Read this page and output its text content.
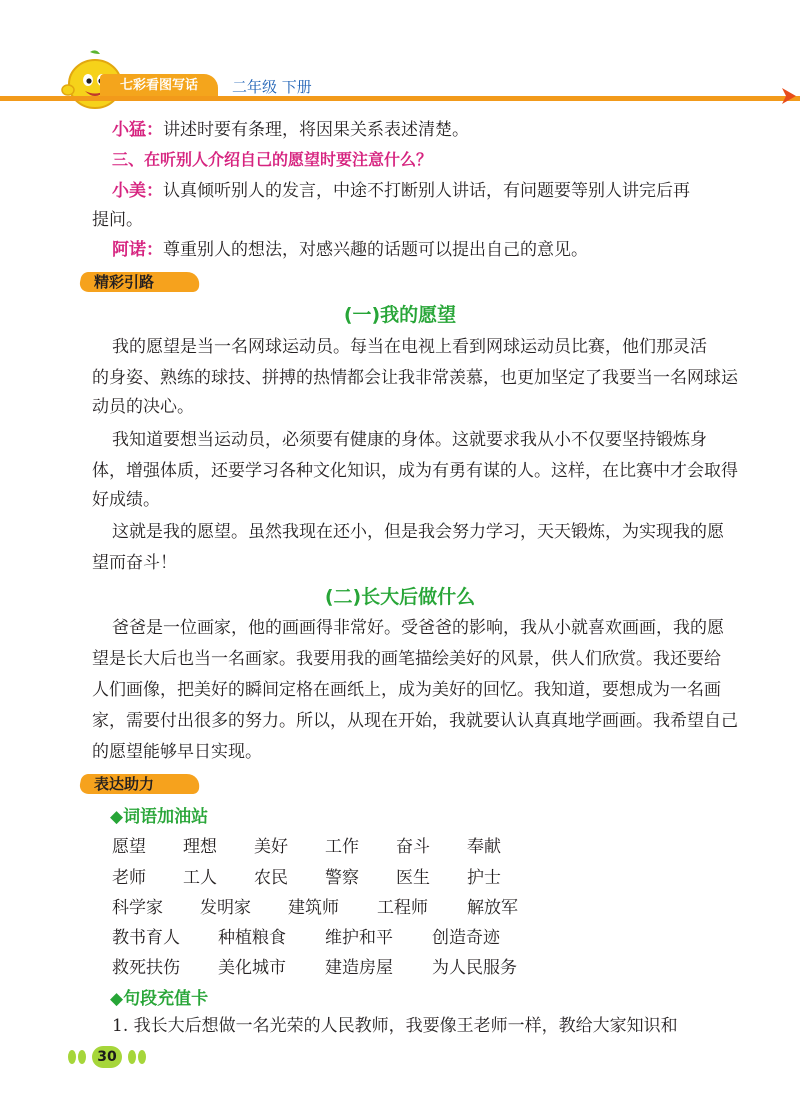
七彩看图写话	二年级 下册

小猛：讲述时要有条理，将因果关系表述清楚。

三、在听别人介绍自己的愿望时要注意什么？

小美：认真倾听别人的发言，中途不打断别人讲话，有问题要等别人讲完后再

提问。

阿诺：尊重别人的想法，对感兴趣的话题可以提出自己的意见。

精彩引路
(一)我的愿望

我的愿望是当一名网球运动员。每当在电视上看到网球运动员比赛，他们那灵活

的身姿、熟练的球技、拼搏的热情都会让我非常羡慕，也更加坚定了我要当一名网球运

动员的决心。

我知道要想当运动员，必须要有健康的身体。这就要求我从小不仅要坚持锻炼身

体，增强体质，还要学习各种文化知识，成为有勇有谋的人。这样，在比赛中才会取得

好成绩。

这就是我的愿望。虽然我现在还小，但是我会努力学习，天天锻炼，为实现我的愿

望而奋斗！

(二)长大后做什么

爸爸是一位画家，他的画画得非常好。受爸爸的影响，我从小就喜欢画画，我的愿

望是长大后也当一名画家。我要用我的画笔描绘美好的风景，供人们欣赏。我还要给

人们画像，把美好的瞬间定格在画纸上，成为美好的回忆。我知道，要想成为一名画

家，需要付出很多的努力。所以，从现在开始，我就要认认真真地学画画。我希望自己

的愿望能够早日实现。

表达助力
◆词语加油站
愿望 理想 美好 工作 奋斗 奉献
老师 工人 农民 警察 医生 护士
科学家 发明家 建筑师 工程师 解放军
教书育人 种植粮食 维护和平 创造奇迹
救死扶伤 美化城市 建造房屋 为人民服务
◆句段充值卡

1. 我长大后想做一名光荣的人民教师，我要像王老师一样，教给大家知识和

30
